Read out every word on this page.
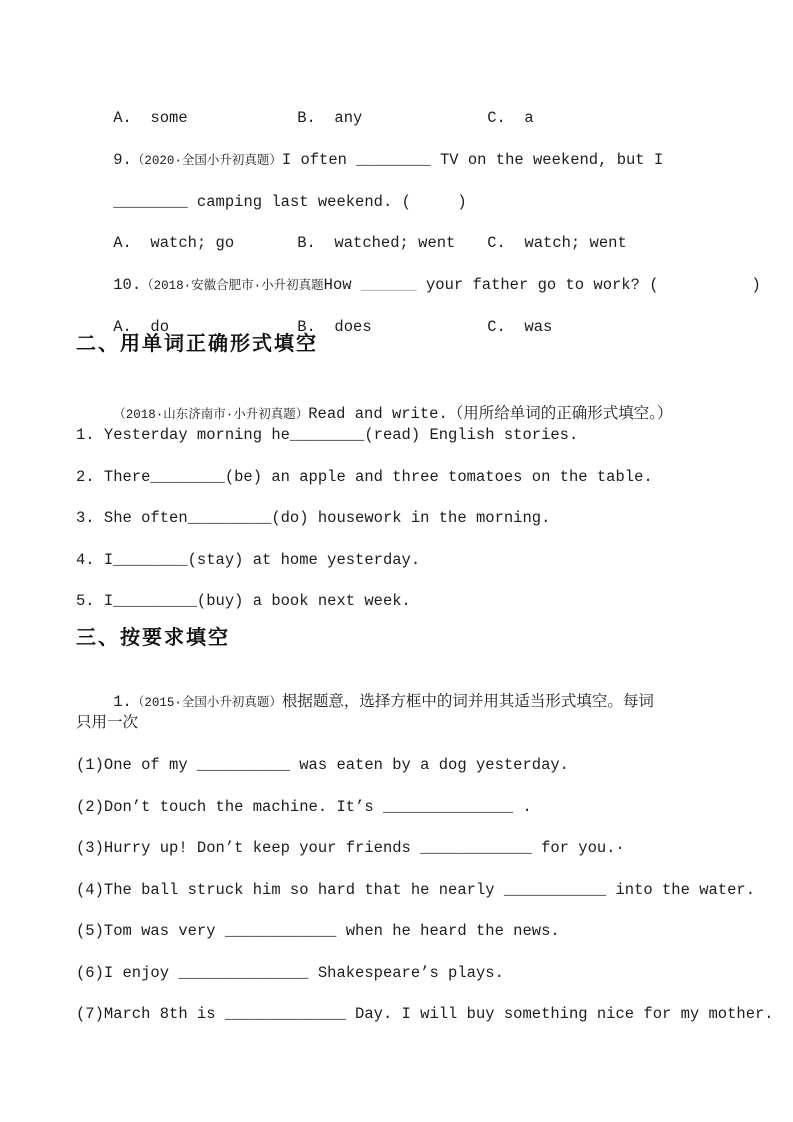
A.  some	B.  any	C.  a

9.（2020·全国小升初真题）I often ________ TV on the weekend, but I

________ camping last weekend. (     )

A.  watch; go	B.  watched; went C.  watch; went

10.（2018·安徽合肥市·小升初真题How ______ your father go to work? (          )

A.  do	B.  does	C.  was

二、用单词正确形式填空

（2018·山东济南市·小升初真题）Read and write.（用所给单词的正确形式填空。）

1. Yesterday morning he________(read) English stories.
2. There________(be) an apple and three tomatoes on the table.
3. She often_________(do) housework in the morning.
4. I________(stay) at home yesterday.
5. I_________(buy) a book next week.
三、按要求填空

1.（2015·全国小升初真题）根据题意，选择方框中的词并用其适当形式填空。每词

只用一次
(1)One of my __________ was eaten by a dog yesterday.
(2)Don’t touch the machine. It’s ______________ .
(3)Hurry up! Don’t keep your friends ____________ for you.·
(4)The ball struck him so hard that he nearly ___________ into the water.
(5)Tom was very ____________ when he heard the news.
(6)I enjoy ______________ Shakespeare’s plays.
(7)March 8th is _____________ Day. I will buy something nice for my mother.
